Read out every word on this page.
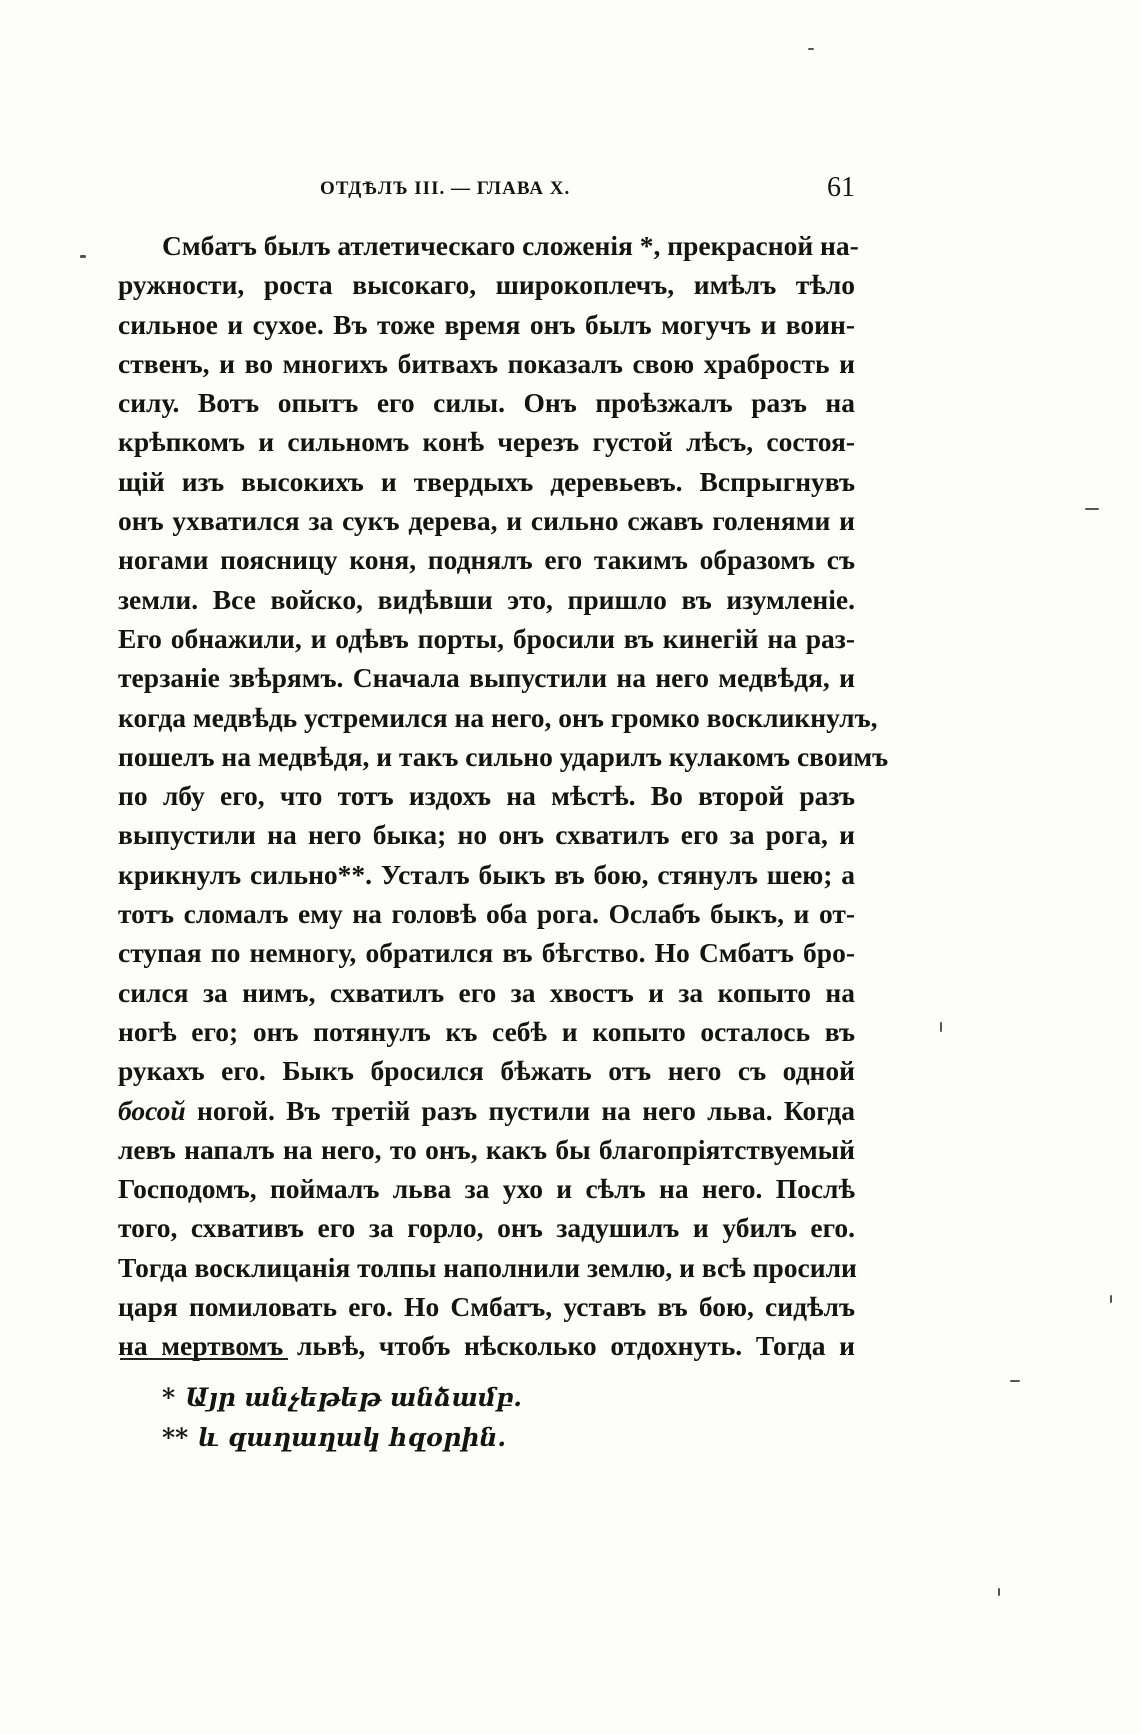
ОТДѢЛЪ III. — ГЛАВА X.	61
Смбатъ былъ атлетическаго сложенія *, прекрасной на-
ружности, роста высокаго, широкоплечъ, имѣлъ тѣло
сильное и сухое. Въ тоже время онъ былъ могучъ и воин-
ственъ, и во многихъ битвахъ показалъ свою храбрость и
силу. Вотъ опытъ его силы. Онъ проѣзжалъ разъ на
крѣпкомъ и сильномъ конѣ черезъ густой лѣсъ, состоя-
щій изъ высокихъ и твердыхъ деревьевъ. Вспрыгнувъ
онъ ухватился за сукъ дерева, и сильно сжавъ голенями и
ногами поясницу коня, поднялъ его такимъ образомъ съ
земли. Все войско, видѣвши это, пришло въ изумленіе.
Его обнажили, и одѣвъ порты, бросили въ кинегій на раз-
терзаніе звѣрямъ. Сначала выпустили на него медвѣдя, и
когда медвѣдь устремился на него, онъ громко воскликнулъ,
пошелъ на медвѣдя, и такъ сильно ударилъ кулакомъ своимъ
по лбу его, что тотъ издохъ на мѣстѣ. Во второй разъ
выпустили на него быка; но онъ схватилъ его за рога, и
крикнулъ сильно**. Усталъ быкъ въ бою, стянулъ шею; а
тотъ сломалъ ему на головѣ оба рога. Ослабъ быкъ, и от-
ступая по немногу, обратился въ бѣгство. Но Смбатъ бро-
сился за нимъ, схватилъ его за хвостъ и за копыто на
ногѣ его; онъ потянулъ къ себѣ и копыто осталось въ
рукахъ его. Быкъ бросился бѣжать отъ него съ одной
босой ногой. Въ третій разъ пустили на него льва. Когда
левъ напалъ на него, то онъ, какъ бы благопріятствуемый
Господомъ, поймалъ льва за ухо и сѣлъ на него. Послѣ
того, схвативъ его за горло, онъ задушилъ и убилъ его.
Тогда восклицанія толпы наполнили землю, и всѣ просили
царя помиловать его. Но Смбатъ, уставъ въ бою, сидѣлъ
на мертвомъ львѣ, чтобъ нѣсколько отдохнуть. Тогда и
* Այր անչեթեթ անձամբ.
** և զաղաղակ հզօրին.
